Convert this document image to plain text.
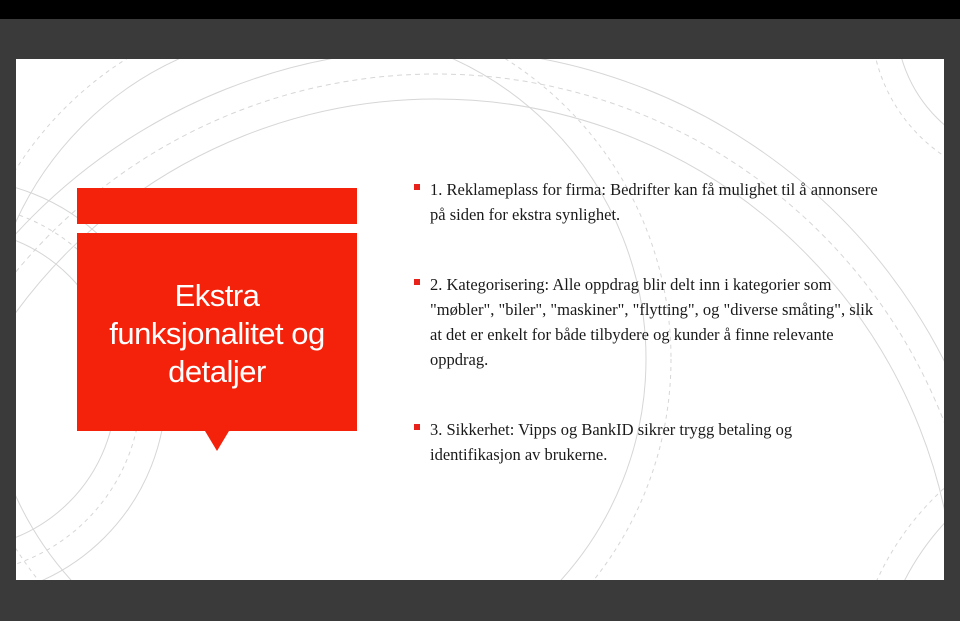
Ekstra funksjonalitet og detaljer
1. Reklameplass for firma: Bedrifter kan få mulighet til å annonsere på siden for ekstra synlighet.
2. Kategorisering: Alle oppdrag blir delt inn i kategorier som "møbler", "biler", "maskiner", "flytting", og "diverse småting", slik at det er enkelt for både tilbydere og kunder å finne relevante oppdrag.
3. Sikkerhet: Vipps og BankID sikrer trygg betaling og identifikasjon av brukerne.
